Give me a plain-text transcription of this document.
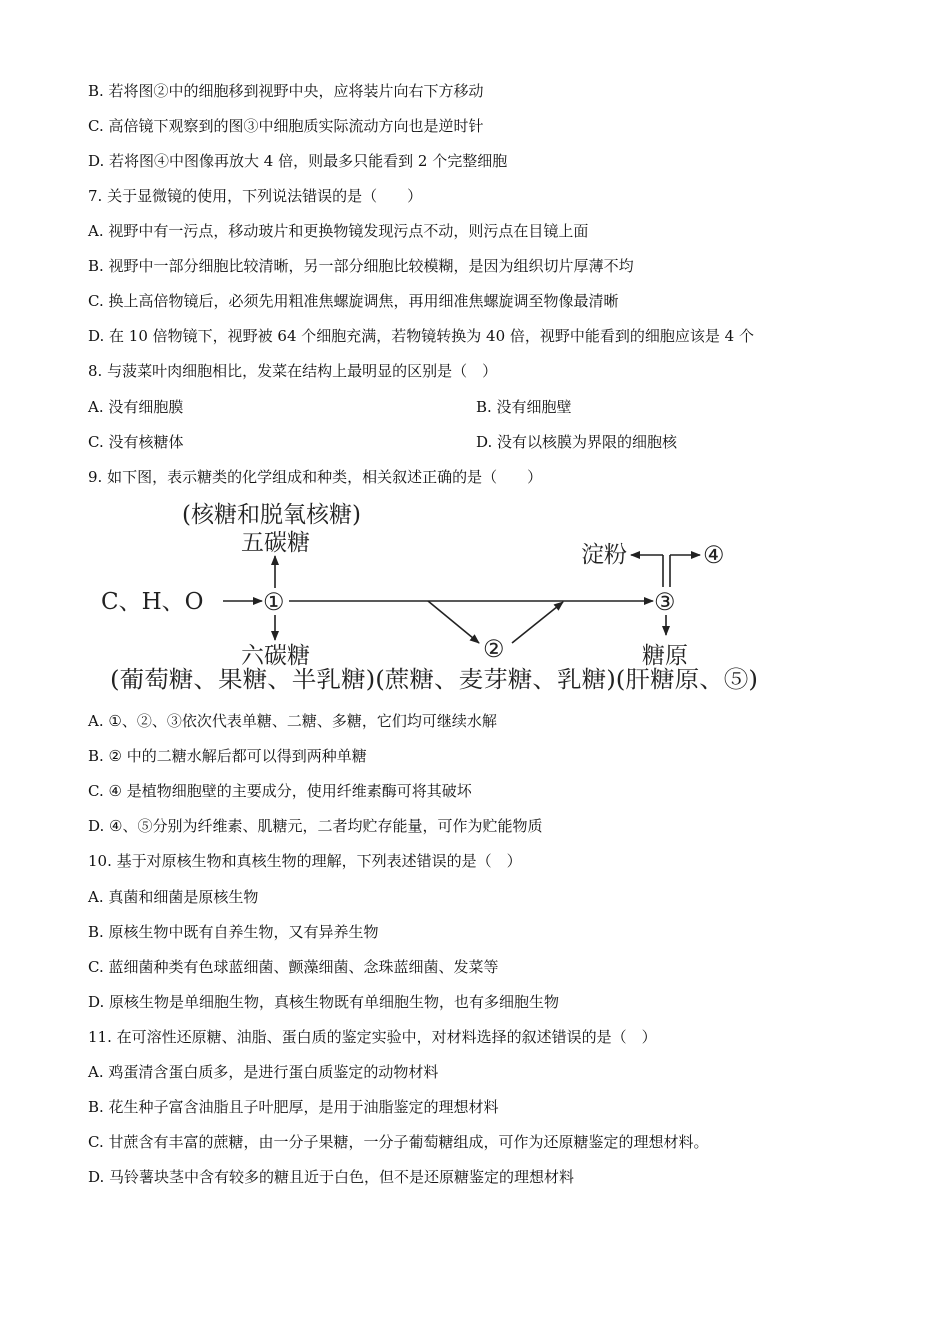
B. 若将图②中的细胞移到视野中央，应将装片向右下方移动
C. 高倍镜下观察到的图③中细胞质实际流动方向也是逆时针
D. 若将图④中图像再放大 4 倍，则最多只能看到 2 个完整细胞
7. 关于显微镜的使用，下列说法错误的是（　　）
A. 视野中有一污点，移动玻片和更换物镜发现污点不动，则污点在目镜上面
B. 视野中一部分细胞比较清晰，另一部分细胞比较模糊，是因为组织切片厚薄不均
C. 换上高倍物镜后，必须先用粗准焦螺旋调焦，再用细准焦螺旋调至物像最清晰
D. 在 10 倍物镜下，视野被 64 个细胞充满，若物镜转换为 40 倍，视野中能看到的细胞应该是 4 个
8. 与菠菜叶肉细胞相比，发菜在结构上最明显的区别是（　）
A. 没有细胞膜	B. 没有细胞壁
C. 没有核糖体	D. 没有以核膜为界限的细胞核
9. 如下图，表示糖类的化学组成和种类，相关叙述正确的是（　　）
(核糖和脱氧核糖)
五碳糖
C、H、O ①
②
③
淀粉	④
六碳糖	糖原
(葡萄糖、果糖、半乳糖)(蔗糖、麦芽糖、乳糖)(肝糖原、⑤)
A. ①、②、③依次代表单糖、二糖、多糖，它们均可继续水解
B. ② 中的二糖水解后都可以得到两种单糖
C. ④ 是植物细胞壁的主要成分，使用纤维素酶可将其破坏
D. ④、⑤分别为纤维素、肌糖元，二者均贮存能量，可作为贮能物质
10. 基于对原核生物和真核生物的理解，下列表述错误的是（　）
A. 真菌和细菌是原核生物
B. 原核生物中既有自养生物，又有异养生物
C. 蓝细菌种类有色球蓝细菌、颤藻细菌、念珠蓝细菌、发菜等
D. 原核生物是单细胞生物，真核生物既有单细胞生物，也有多细胞生物
11. 在可溶性还原糖、油脂、蛋白质的鉴定实验中，对材料选择的叙述错误的是（　）
A. 鸡蛋清含蛋白质多，是进行蛋白质鉴定的动物材料
B. 花生种子富含油脂且子叶肥厚，是用于油脂鉴定的理想材料
C. 甘蔗含有丰富的蔗糖，由一分子果糖，一分子葡萄糖组成，可作为还原糖鉴定的理想材料。
D. 马铃薯块茎中含有较多的糖且近于白色，但不是还原糖鉴定的理想材料
